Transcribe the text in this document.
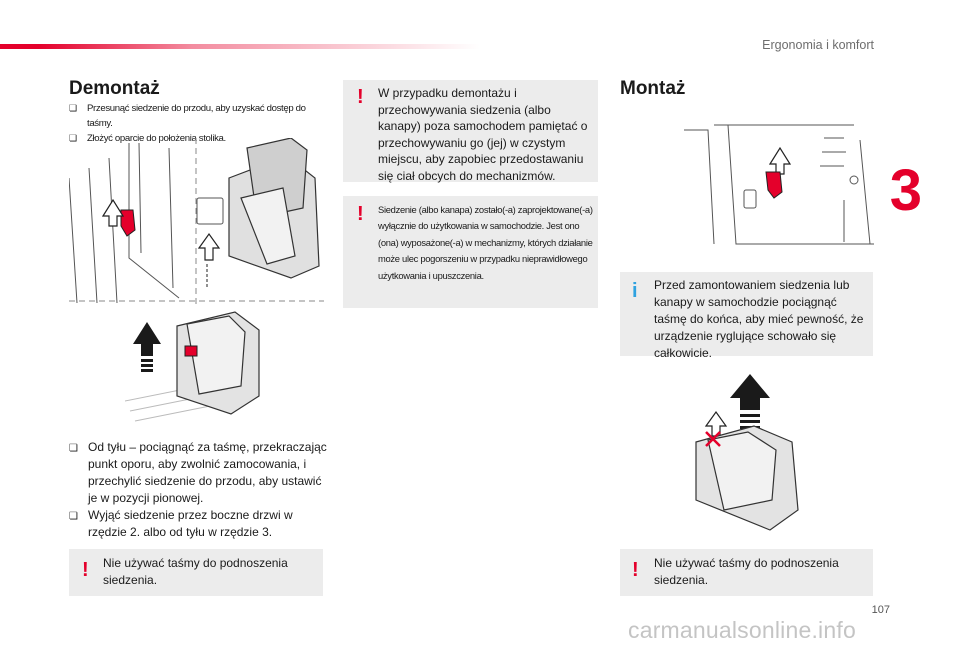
Ergonomia i komfort
3
Demontaż
❏ Przesunąć siedzenie do przodu, aby uzyskać dostęp do taśmy.
❏ Złożyć oparcie do położenia stolika.
❏ Od tyłu – pociągnąć za taśmę, przekraczając punkt oporu, aby zwolnić zamocowania, i przechylić siedzenie do przodu, aby ustawić je w pozycji pionowej.
❏ Wyjąć siedzenie przez boczne drzwi w rzędzie 2. albo od tyłu w rzędzie 3.
! Nie używać taśmy do podnoszenia siedzenia.
! W przypadku demontażu i przechowywania siedzenia (albo kanapy) poza samochodem pamiętać o przechowywaniu go (jej) w czystym miejscu, aby zapobiec przedostawaniu się ciał obcych do mechanizmów.
! Siedzenie (albo kanapa) zostało(-a) zaprojektowane(-a) wyłącznie do użytkowania w samochodzie. Jest ono (ona) wyposażone(-a) w mechanizmy, których działanie może ulec pogorszeniu w przypadku nieprawidłowego użytkowania i upuszczenia.
Montaż
i Przed zamontowaniem siedzenia lub kanapy w samochodzie pociągnąć taśmę do końca, aby mieć pewność, że urządzenie ryglujące schowało się całkowicie.
! Nie używać taśmy do podnoszenia siedzenia.
107
carmanualsonline.info
